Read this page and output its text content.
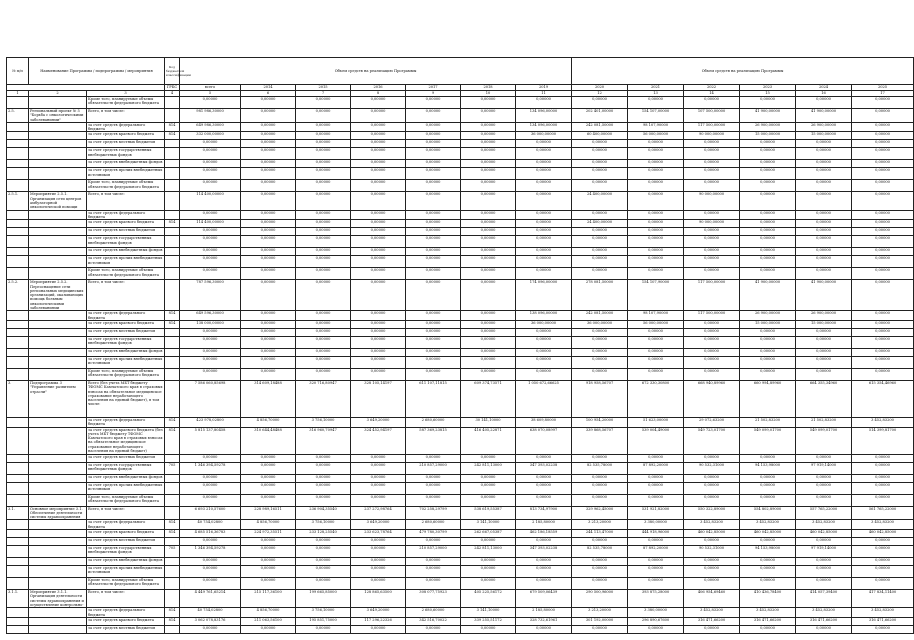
№ п/п	Наименование Программы / подпрограммы / мероприятия		Код бюджетной классификации	Объем средств на реализацию Программы							Объем средств на реализацию Программы					
			ГРБС	всего	2014	2015	2016	2017	2018	2019	2020	2021	2022	2023	2024	2025
1	2	3	4	5	6	7	8	9	10	11	12	13	14	15	16	17
		Кроме того, планируемые объемы обязательств федерального бюджета		0,00000	0,00000	0,00000	0,00000	0,00000	0,00000	0,00000	0,00000	0,00000	0,00000	0,00000	0,00000	0,00000
2.5.	Региональный проект № 5 "Борьба с онкологическими заболеваниями"	Всего, в том числе:		981 986,30000	0,00000	0,00000	0,00000	0,00000	0,00000	134 096,00000	202 401,00000	154 107,00000	107 500,00000	41 900,00000	41 900,00000	0,00000
		за счет средств федерального бюджета	814	649 986,30000	0,00000	0,00000	0,00000	0,00000	0,00000	134 096,00000	242 081,50000	98 107,90000	117 500,00000	26 900,00000	26 900,00000	0,00000
		за счет средств краевого бюджета	814	332 000,00000	0,00000	0,00000	0,00000	0,00000	0,00000	36 000,00000	60 400,00000	56 000,00000	90 000,00000	15 000,00000	15 000,00000	0,00000
		за счет средств местных бюджетов		0,00000	0,00000	0,00000	0,00000	0,00000	0,00000	0,00000	0,00000	0,00000	0,00000	0,00000	0,00000	0,00000
		за счет средств государственных внебюджетных фондов		0,00000	0,00000	0,00000	0,00000	0,00000	0,00000	0,00000	0,00000	0,00000	0,00000	0,00000	0,00000	0,00000
		за счет средств внебюджетных фондов		0,00000	0,00000	0,00000	0,00000	0,00000	0,00000	0,00000	0,00000	0,00000	0,00000	0,00000	0,00000	0,00000
		за счет средств прочих внебюджетных источников		0,00000	0,00000	0,00000	0,00000	0,00000	0,00000	0,00000	0,00000	0,00000	0,00000	0,00000	0,00000	0,00000
		Кроме того, планируемые объемы обязательств федерального бюджета		0,00000	0,00000	0,00000	0,00000	0,00000	0,00000	0,00000	0,00000	0,00000	0,00000	0,00000	0,00000	0,00000
2.5.1.	Мероприятие 2.5.1. Организация сети центров амбулаторной онкологической помощи	Всего, в том числе:		114 400,00000	0,00000	0,00000	0,00000	0,00000	0,00000	0,00000	24 400,00000	0,00000	90 000,00000	0,00000	0,00000	0,00000
		за счет средств федерального бюджета		0,00000	0,00000	0,00000	0,00000	0,00000	0,00000	0,00000	0,00000	0,00000	0,00000	0,00000	0,00000	0,00000
		за счет средств краевого бюджета	814	114 400,00000	0,00000	0,00000	0,00000	0,00000	0,00000	0,00000	24 400,00000	0,00000	90 000,00000	0,00000	0,00000	0,00000
		за счет средств местных бюджетов		0,00000	0,00000	0,00000	0,00000	0,00000	0,00000	0,00000	0,00000	0,00000	0,00000	0,00000	0,00000	0,00000
		за счет средств государственных внебюджетных фондов		0,00000	0,00000	0,00000	0,00000	0,00000	0,00000	0,00000	0,00000	0,00000	0,00000	0,00000	0,00000	0,00000
		за счет средств внебюджетных фондов		0,00000	0,00000	0,00000	0,00000	0,00000	0,00000	0,00000	0,00000	0,00000	0,00000	0,00000	0,00000	0,00000
		за счет средств прочих внебюджетных источников		0,00000	0,00000	0,00000	0,00000	0,00000	0,00000	0,00000	0,00000	0,00000	0,00000	0,00000	0,00000	0,00000
		Кроме того, планируемые объемы обязательств федерального бюджета		0,00000	0,00000	0,00000	0,00000	0,00000	0,00000	0,00000	0,00000	0,00000	0,00000	0,00000	0,00000	0,00000
2.5.2.	Мероприятие 2.5.2. Переоснащение сети региональных медицинских организаций, оказывающих помощь больным онкологическими заболеваниями	Всего, в том числе:		787 596,30000	0,00000	0,00000	0,00000	0,00000	0,00000	174 096,00000	278 081,50000	154 107,90000	117 500,00000	41 900,00000	41 900,00000	0,00000
		за счет средств федерального бюджета	814	649 596,30000	0,00000	0,00000	0,00000	0,00000	0,00000	138 096,00000	242 081,50000	98 107,90000	117 500,00000	26 900,00000	26 900,00000	0,00000
		за счет средств краевого бюджета	814	138 000,00000	0,00000	0,00000	0,00000	0,00000	0,00000	36 000,00000	36 000,00000	56 000,00000	0,00000	15 000,00000	15 000,00000	0,00000
		за счет средств местных бюджетов		0,00000	0,00000	0,00000	0,00000	0,00000	0,00000	0,00000	0,00000	0,00000	0,00000	0,00000	0,00000	0,00000
		за счет средств государственных внебюджетных фондов		0,00000	0,00000	0,00000	0,00000	0,00000	0,00000	0,00000	0,00000	0,00000	0,00000	0,00000	0,00000	0,00000
		за счет средств внебюджетных фондов		0,00000	0,00000	0,00000	0,00000	0,00000	0,00000	0,00000	0,00000	0,00000	0,00000	0,00000	0,00000	0,00000
		за счет средств прочих внебюджетных источников		0,00000	0,00000	0,00000	0,00000	0,00000	0,00000	0,00000	0,00000	0,00000	0,00000	0,00000	0,00000	0,00000
		Кроме того, планируемые объемы обязательств федерального бюджета		0,00000	0,00000	0,00000	0,00000	0,00000	0,00000	0,00000	0,00000	0,00000	0,00000	0,00000	0,00000	0,00000
3.	Подпрограмма 3 "Управление развитием отрасли"	Всего (без учета МБТ бюджету ТФОМС Камчатского края в страховых взносах на обязательное медицинское страхование неработающего населения на единый бюджет), в том числе:		7 586 060,85698	314 609,18488	320 716,80947	328 105,14197	611 107,11815	609 374,73571	1 050 672,66625	918 958,56707	672 330,30800	668 940,89960	660 994,89960	664 355,34960	615 354,46960
		за счет средств федерального бюджета	814	423 978,02800	4 856,70000	3 756,10000	3 649,20000	2 680,60000	30 141,10000	38 609,80000	100 954,20000	51 623,00000	29 072,63200	21 502,83200	21 502,83200	3 452,83200
		за счет средств краевого бюджета (без учета МБТ бюджету ТФОМС Камчатского края в страховых взносах на обязательное медицинское страхование неработающего населения на единый бюджет)	814	5 815 137,80458	310 644,48488	316 960,70947	324 452,94197	587 369,23815	416 405,22871	638 070,08997	339 868,56707	539 004,49000	549 723,01700	549 099,01700	549 099,01700	514 399,81700
		за счет средств местных бюджетов		0,00000	0,00000	0,00000	0,00000	0,00000	0,00000	0,00000	0,00000	0,00000	0,00000	0,00000	0,00000	0,00000
		за счет средств государственных внебюджетных фондов	705	1 346 394,59278	0,00000	0,00000	0,00000	210 857,29000	242 811,13000	347 393,02238	82 535,78000	87 892,20000	90 532,31000	94 153,98000	97 919,14000	0,00000
		за счет средств внебюджетных фондов		0,00000	0,00000	0,00000	0,00000	0,00000	0,00000	0,00000	0,00000	0,00000	0,00000	0,00000	0,00000	0,00000
		за счет средств прочих внебюджетных источников		0,00000	0,00000	0,00000	0,00000	0,00000	0,00000	0,00000	0,00000	0,00000	0,00000	0,00000	0,00000	0,00000
		Кроме того, планируемые объемы обязательств федерального бюджета		0,00000	0,00000	0,00000	0,00000	0,00000	0,00000	0,00000	0,00000	0,00000	0,00000	0,00000	0,00000	0,00000
3.1.	Основное мероприятие 3.1. Обеспечение деятельности системы здравоохранения	Всего, в том числе:		6 693 210,57600	228 989,16511	236 904,35540	237 272,98764	702 258,29799	538 619,55387	813 734,97900	329 962,45000	531 921,82000	550 322,89000	554 802,89000	557 765,22000	561 765,22000
		за счет средств федерального бюджета	814	40 754,02800	4 856,70000	3 756,10000	3 649,20000	2 680,60000	3 141,10000	2 185,80000	3 213,20000	3 380,00000	3 452,83200	3 452,83200	3 452,83200	3 452,83200
		за счет средств краевого бюджета	814	4 685 516,36783	224 972,35511	233 128,25540	233 623,78764	479 780,30799	262 667,05387	462 186,18559	244 113,47000	444 918,96000	460 042,85000	460 042,85000	460 042,85000	460 042,85000
		за счет средств местных бюджетов		0,00000	0,00000	0,00000	0,00000	0,00000	0,00000	0,00000	0,00000	0,00000	0,00000	0,00000	0,00000	0,00000
		за счет средств государственных внебюджетных фондов	705	1 346 394,59278	0,00000	0,00000	0,00000	210 857,29000	242 811,13000	347 393,02238	82 535,78000	87 892,20000	90 532,31000	94 153,98000	97 919,14000	0,00000
		за счет средств внебюджетных фондов		0,00000	0,00000	0,00000	0,00000	0,00000	0,00000	0,00000	0,00000	0,00000	0,00000	0,00000	0,00000	0,00000
		за счет средств прочих внебюджетных источников		0,00000	0,00000	0,00000	0,00000	0,00000	0,00000	0,00000	0,00000	0,00000	0,00000	0,00000	0,00000	0,00000
		Кроме того, планируемые объемы обязательств федерального бюджета		0,00000	0,00000	0,00000	0,00000	0,00000	0,00000	0,00000	0,00000	0,00000	0,00000	0,00000	0,00000	0,00000
3.1.1.	Мероприятие 3.1.1. Организация деятельности системы здравоохранения и осуществление контрольно-	Всего, в том числе:		4 449 761,65214	215 117,36100	199 665,85000	128 865,63500	308 077,75923	405 225,56172	679 509,06439	290 500,96000	393 875,28000	406 954,69460	410 436,78400	414 057,39400	417 834,11400
		за счет средств федерального бюджета	814	40 754,02800	4 856,70000	3 756,10000	3 649,20000	2 680,60000	3 141,10000	2 185,80000	3 213,20000	3 380,00000	3 452,83200	3 452,83200	3 452,83200	3 452,83200
		за счет средств краевого бюджета	814	3 062 078,83176	211 063,56100	195 851,75000	117 296,22326	342 516,70022	339 255,51172	328 732,61961	301 192,00000	296 890,67600	316 471,66200	316 471,66200	316 471,66200	316 471,66200
		за счет средств местных бюджетов		0,00000	0,00000	0,00000	0,00000	0,00000	0,00000	0,00000	0,00000	0,00000	0,00000	0,00000	0,00000	0,00000
